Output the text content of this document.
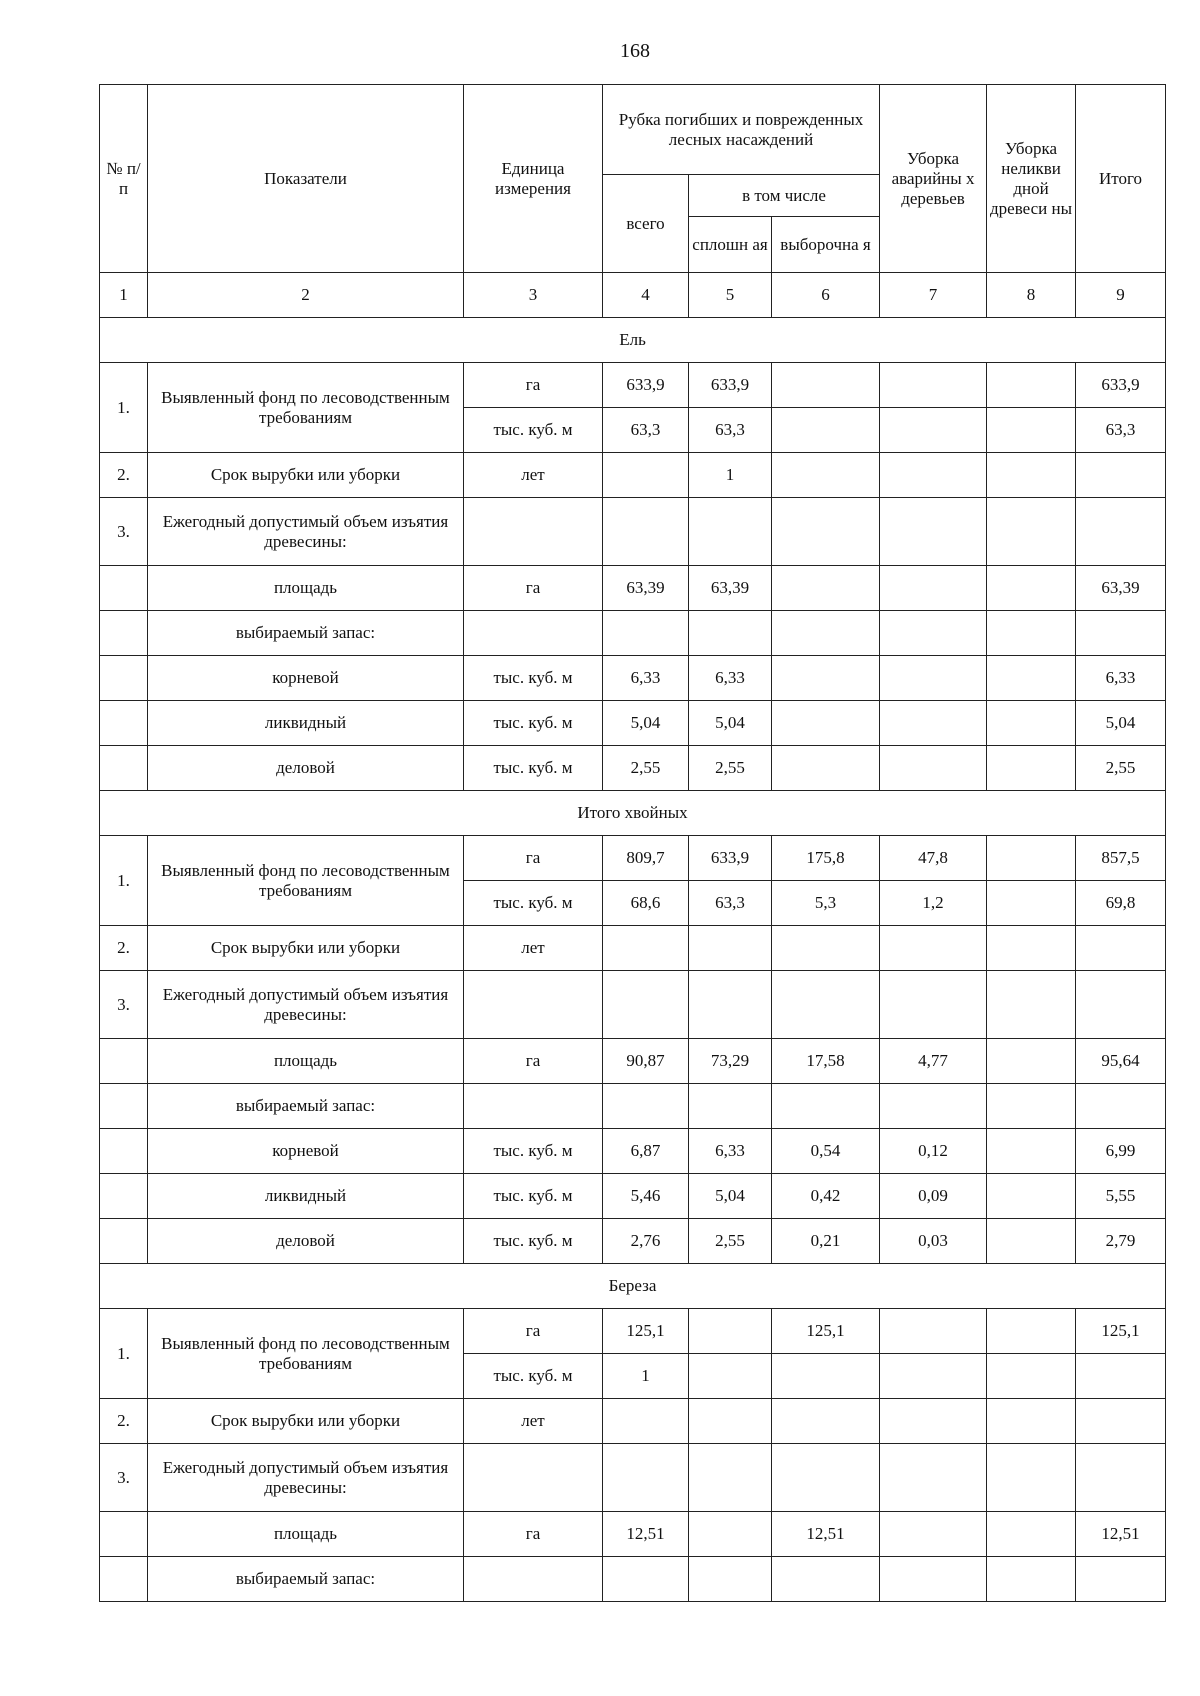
168
№ п/п	Показатели	Единица измерения	Рубка погибших и поврежденных лесных насаждений			Уборка аварийны х деревьев	Уборка неликви дной древеси ны	Итого
			всего	в том числе				
				сплошн ая	выборочна я			
1	2	3	4	5	6	7	8	9
Ель								
1.	Выявленный фонд по лесоводственным требованиям	га	633,9	633,9				633,9
		тыс. куб. м	63,3	63,3				63,3
2.	Срок вырубки или уборки	лет		1				
3.	Ежегодный допустимый объем изъятия древесины:							
	площадь	га	63,39	63,39				63,39
	выбираемый запас:							
	корневой	тыс. куб. м	6,33	6,33				6,33
	ликвидный	тыс. куб. м	5,04	5,04				5,04
	деловой	тыс. куб. м	2,55	2,55				2,55
Итого хвойных								
1.	Выявленный фонд по лесоводственным требованиям	га	809,7	633,9	175,8	47,8		857,5
		тыс. куб. м	68,6	63,3	5,3	1,2		69,8
2.	Срок вырубки или уборки	лет						
3.	Ежегодный допустимый объем изъятия древесины:							
	площадь	га	90,87	73,29	17,58	4,77		95,64
	выбираемый запас:							
	корневой	тыс. куб. м	6,87	6,33	0,54	0,12		6,99
	ликвидный	тыс. куб. м	5,46	5,04	0,42	0,09		5,55
	деловой	тыс. куб. м	2,76	2,55	0,21	0,03		2,79
Береза								
1.	Выявленный фонд по лесоводственным требованиям	га	125,1		125,1			125,1
		тыс. куб. м	1					
2.	Срок вырубки или уборки	лет						
3.	Ежегодный допустимый объем изъятия древесины:							
	площадь	га	12,51		12,51			12,51
	выбираемый запас:							
